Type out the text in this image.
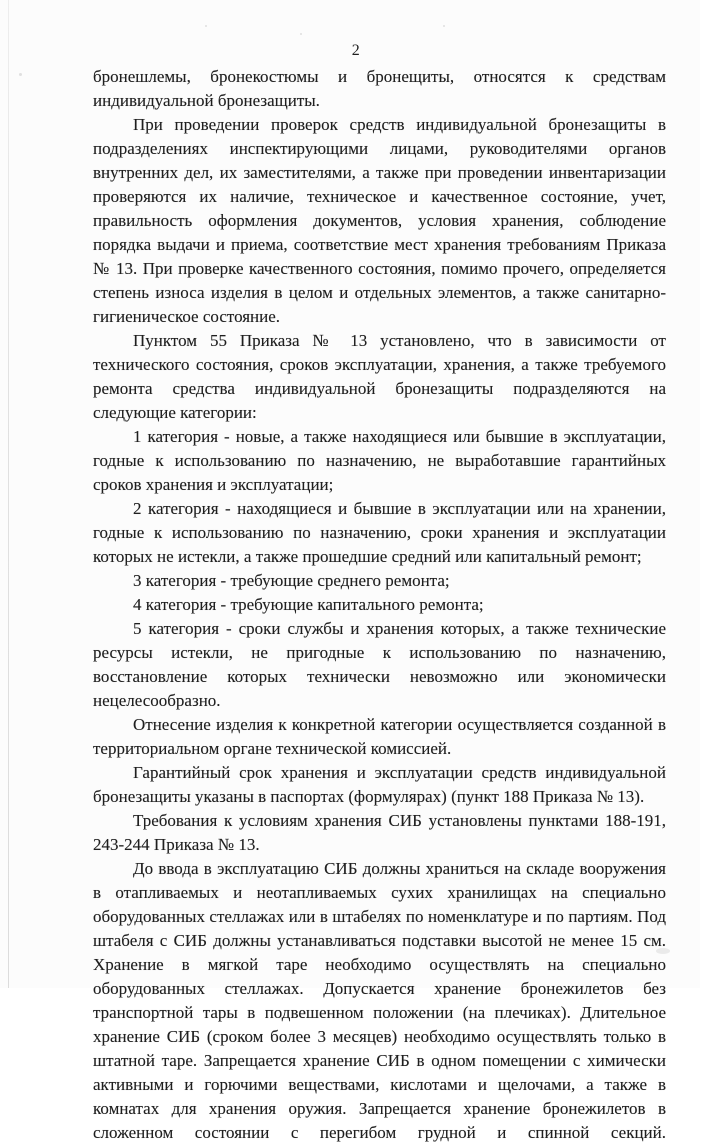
2

бронешлемы, бронекостюмы и бронещиты, относятся к средствам индивидуальной бронезащиты.

При проведении проверок средств индивидуальной бронезащиты в подразделениях инспектирующими лицами, руководителями органов внутренних дел, их заместителями, а также при проведении инвентаризации проверяются их наличие, техническое и качественное состояние, учет, правильность оформления документов, условия хранения, соблюдение порядка выдачи и приема, соответствие мест хранения требованиям Приказа № 13. При проверке качественного состояния, помимо прочего, определяется степень износа изделия в целом и отдельных элементов, а также санитарно-гигиеническое состояние.

Пунктом 55 Приказа № 13 установлено, что в зависимости от технического состояния, сроков эксплуатации, хранения, а также требуемого ремонта средства индивидуальной бронезащиты подразделяются на следующие категории:

1 категория - новые, а также находящиеся или бывшие в эксплуатации, годные к использованию по назначению, не выработавшие гарантийных сроков хранения и эксплуатации;

2 категория - находящиеся и бывшие в эксплуатации или на хранении, годные к использованию по назначению, сроки хранения и эксплуатации которых не истекли, а также прошедшие средний или капитальный ремонт;

3 категория - требующие среднего ремонта;

4 категория - требующие капитального ремонта;

5 категория - сроки службы и хранения которых, а также технические ресурсы истекли, не пригодные к использованию по назначению, восстановление которых технически невозможно или экономически нецелесообразно.

Отнесение изделия к конкретной категории осуществляется созданной в территориальном органе технической комиссией.

Гарантийный срок хранения и эксплуатации средств индивидуальной бронезащиты указаны в паспортах (формулярах) (пункт 188 Приказа № 13).

Требования к условиям хранения СИБ установлены пунктами 188-191, 243-244 Приказа № 13.

До ввода в эксплуатацию СИБ должны храниться на складе вооружения в отапливаемых и неотапливаемых сухих хранилищах на специально оборудованных стеллажах или в штабелях по номенклатуре и по партиям. Под штабеля с СИБ должны устанавливаться подставки высотой не менее 15 см. Хранение в мягкой таре необходимо осуществлять на специально оборудованных стеллажах. Допускается хранение бронежилетов без транспортной тары в подвешенном положении (на плечиках). Длительное хранение СИБ (сроком более 3 месяцев) необходимо осуществлять только в штатной таре. Запрещается хранение СИБ в одном помещении с химически активными и горючими веществами, кислотами и щелочами, а также в комнатах для хранения оружия. Запрещается хранение бронежилетов в сложенном состоянии с перегибом грудной и спинной секций.
